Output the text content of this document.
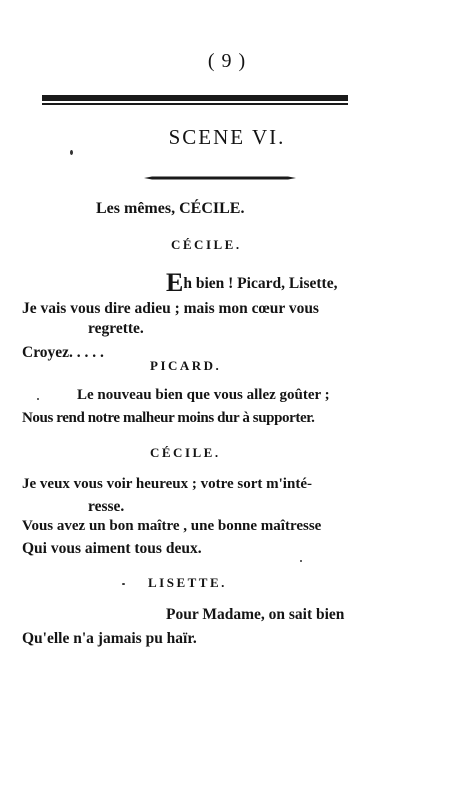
( 9 )
SCENE VI.
Les mêmes, CÉCILE.
CÉCILE.
Eh bien ! Picard, Lisette,
Je vais vous dire adieu ; mais mon cœur vous
regrette.
Croyez. . . . .
PICARD.
Le nouveau bien que vous allez goûter ;
Nous rend notre malheur moins dur à supporter.
CÉCILE.
Je veux vous voir heureux ; votre sort m'inté-
resse.
Vous avez un bon maître , une bonne maîtresse
Qui vous aiment tous deux.
LISETTE.
Pour Madame, on sait bien
Qu'elle n'a jamais pu haïr.
